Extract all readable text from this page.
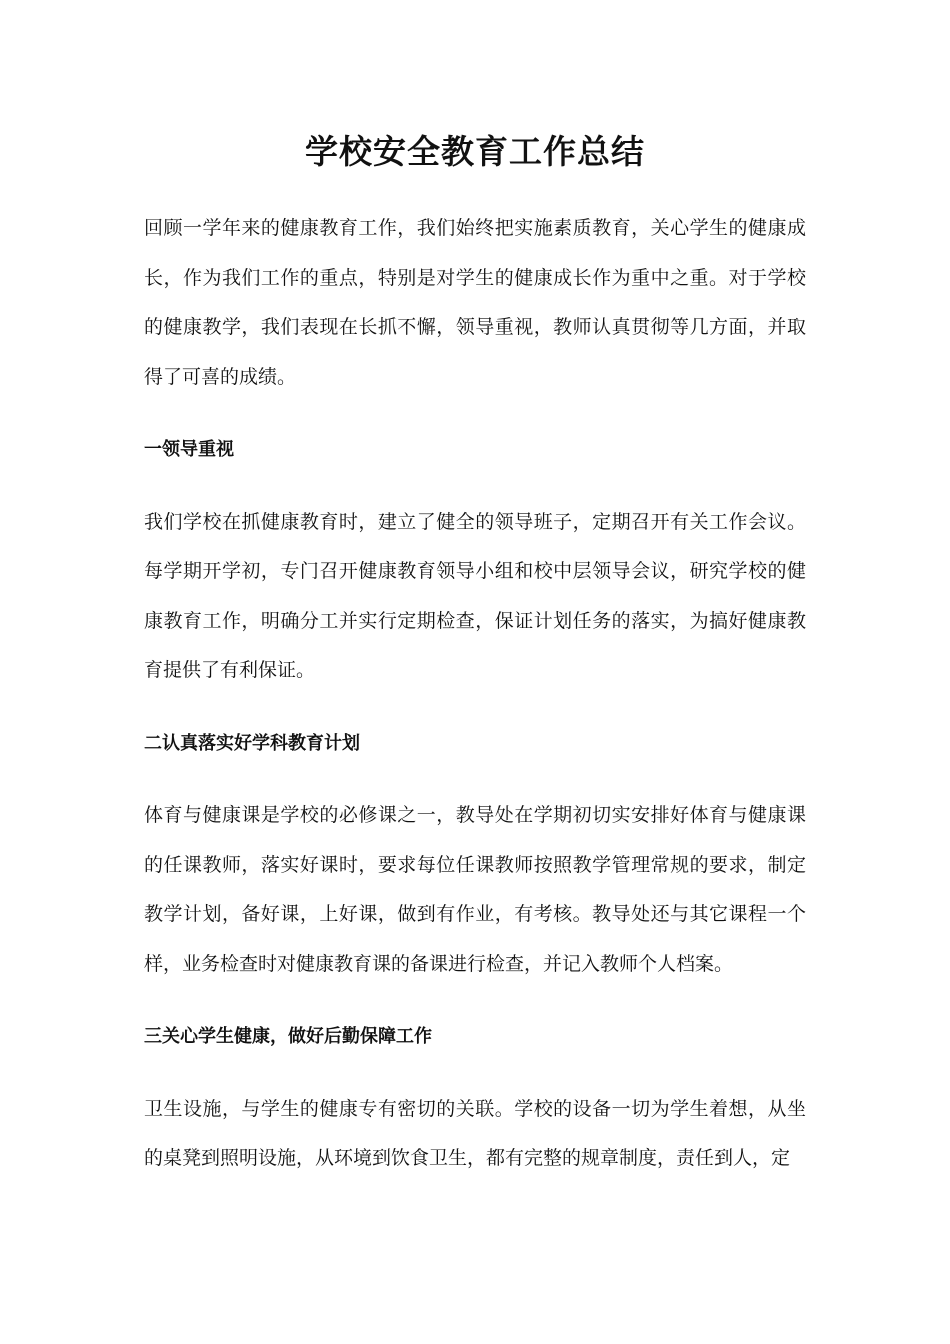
学校安全教育工作总结

回顾一学年来的健康教育工作，我们始终把实施素质教育，关心学生的健康成长，作为我们工作的重点，特别是对学生的健康成长作为重中之重。对于学校的健康教学，我们表现在长抓不懈，领导重视，教师认真贯彻等几方面，并取得了可喜的成绩。

一领导重视

我们学校在抓健康教育时，建立了健全的领导班子，定期召开有关工作会议。每学期开学初，专门召开健康教育领导小组和校中层领导会议，研究学校的健康教育工作，明确分工并实行定期检查，保证计划任务的落实，为搞好健康教育提供了有利保证。

二认真落实好学科教育计划

体育与健康课是学校的必修课之一，教导处在学期初切实安排好体育与健康课的任课教师，落实好课时，要求每位任课教师按照教学管理常规的要求，制定教学计划，备好课，上好课，做到有作业，有考核。教导处还与其它课程一个样，业务检查时对健康教育课的备课进行检查，并记入教师个人档案。

三关心学生健康，做好后勤保障工作

卫生设施，与学生的健康专有密切的关联。学校的设备一切为学生着想，从坐的桌凳到照明设施，从环境到饮食卫生，都有完整的规章制度，责任到人，定
